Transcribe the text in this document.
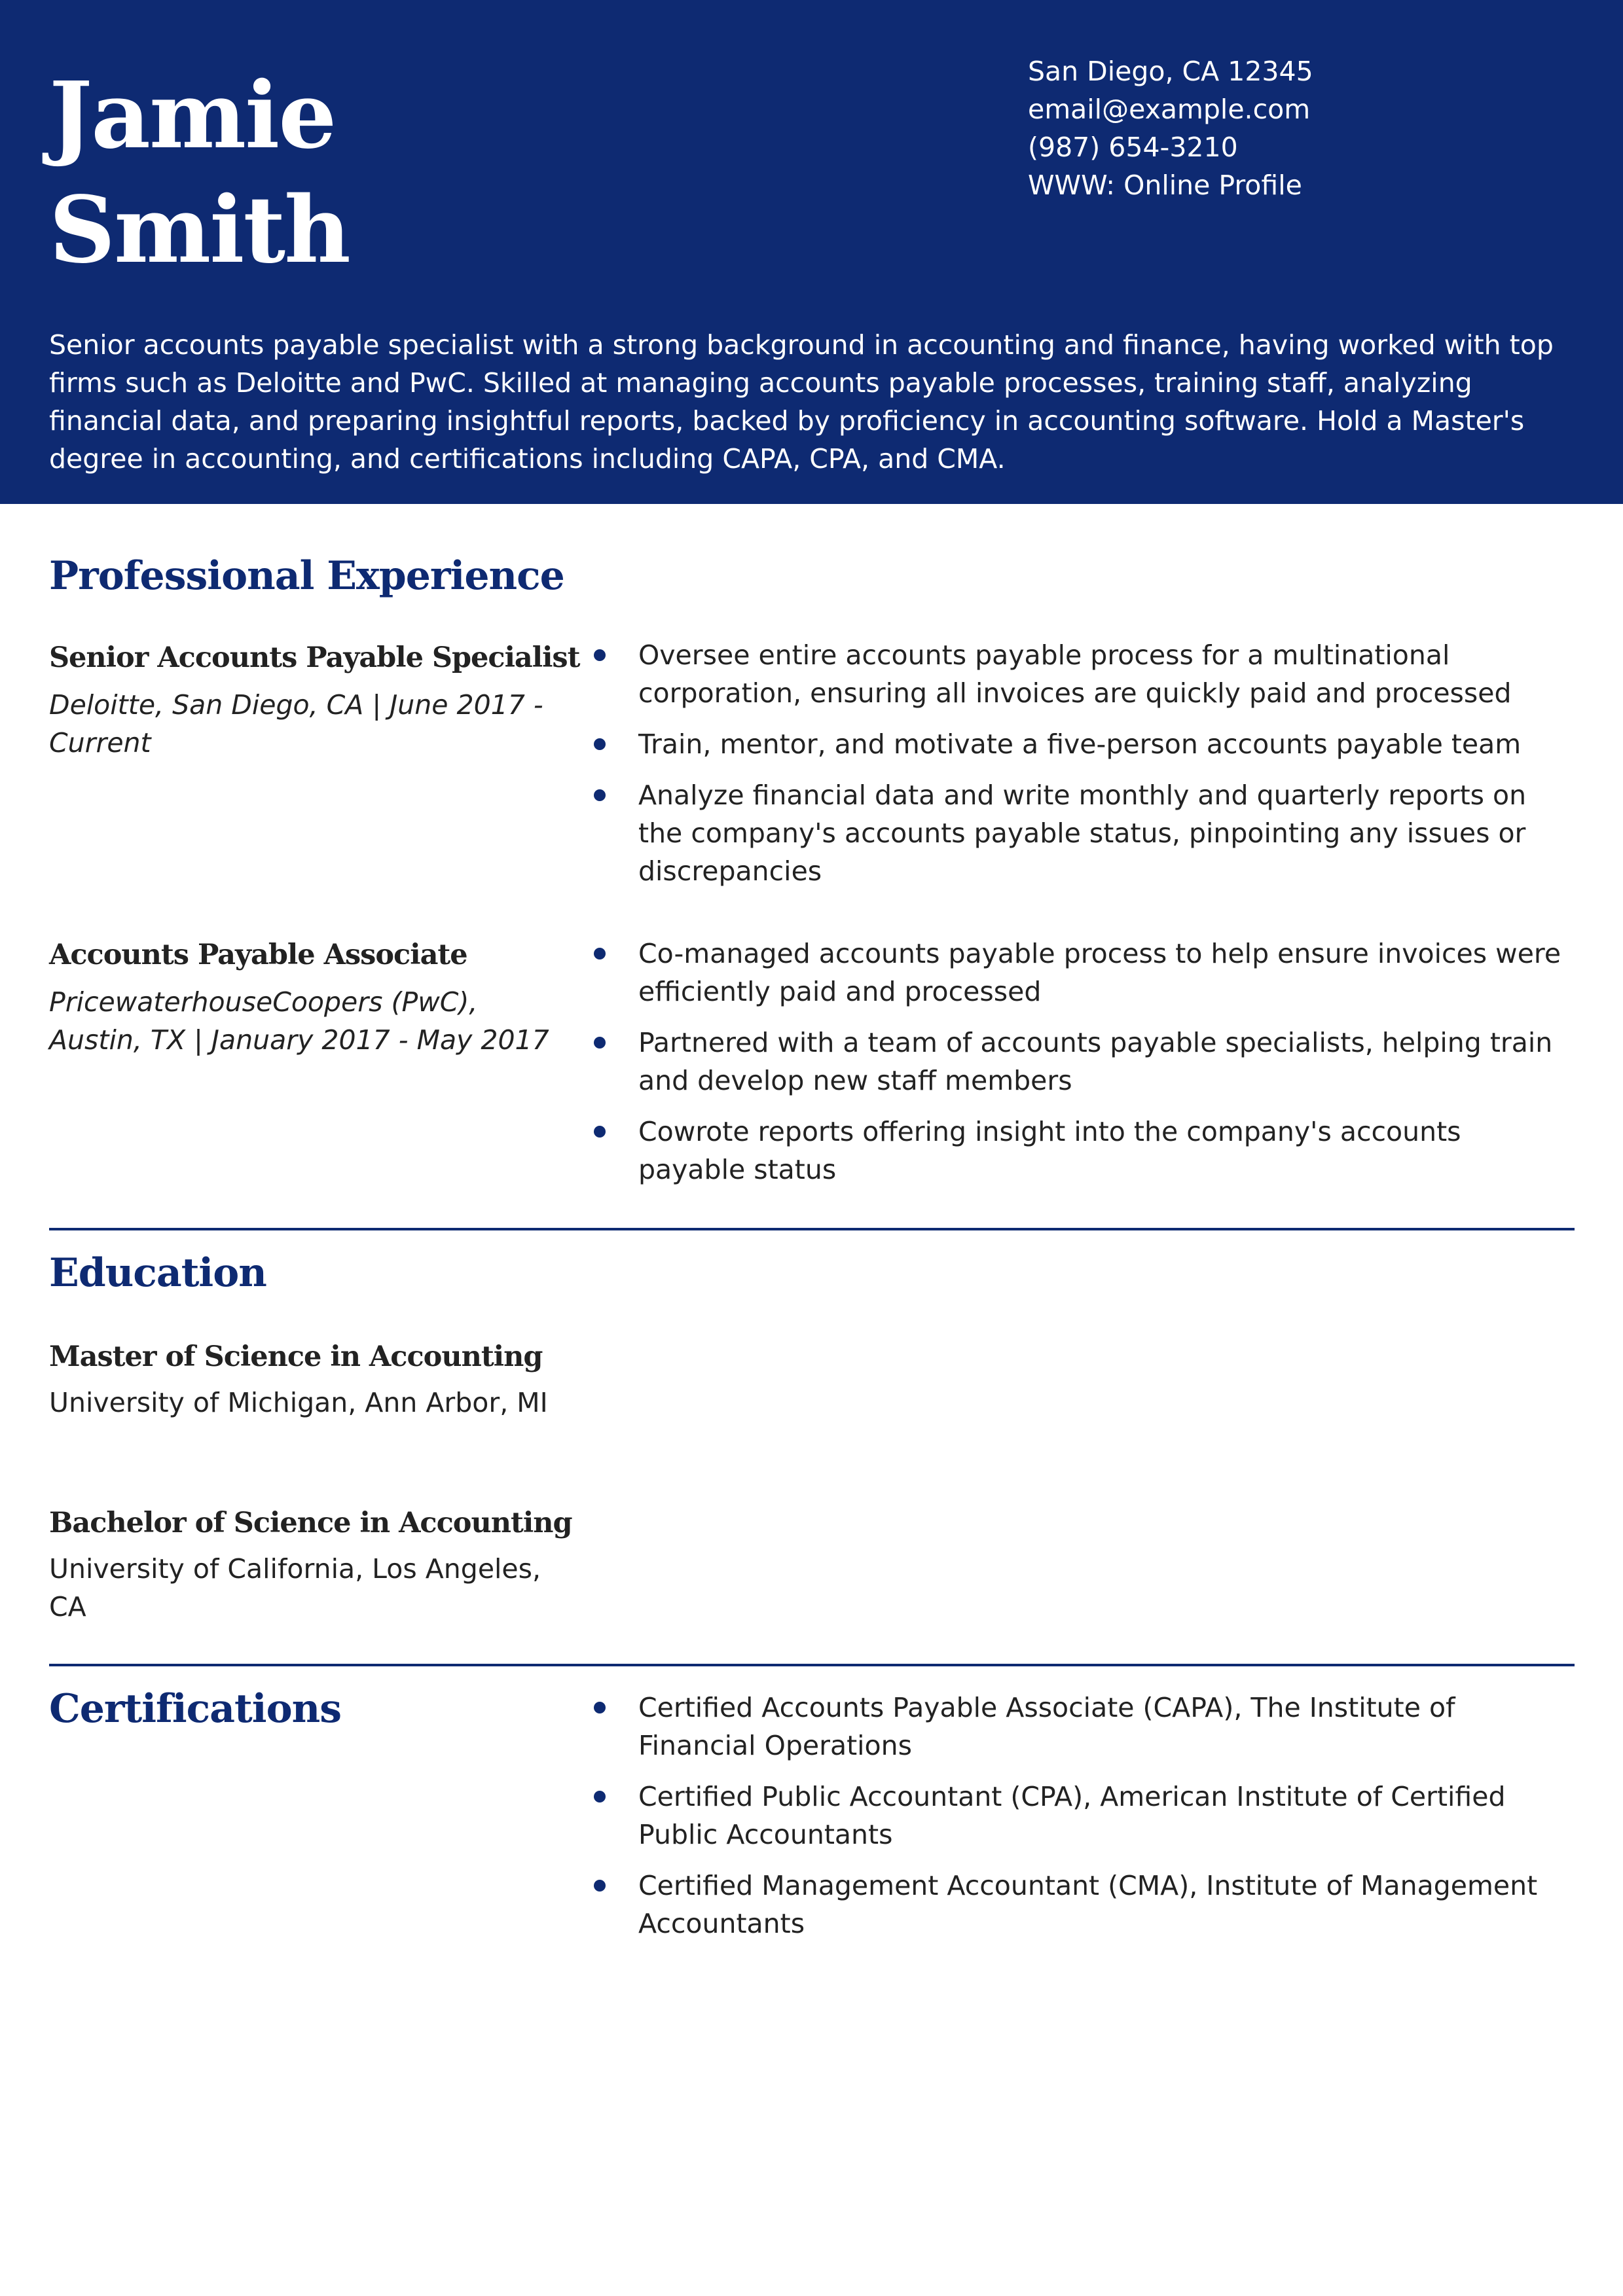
Jamie
Smith
San Diego, CA 12345
email@example.com
(987) 654-3210
WWW: Online Profile

Senior accounts payable specialist with a strong background in accounting and finance, having worked with top firms such as Deloitte and PwC. Skilled at managing accounts payable processes, training staff, analyzing financial data, and preparing insightful reports, backed by proficiency in accounting software. Hold a Master's degree in accounting, and certifications including CAPA, CPA, and CMA.

Professional Experience
Senior Accounts Payable Specialist

Deloitte, San Diego, CA | June 2017 - Current

Oversee entire accounts payable process for a multinational corporation, ensuring all invoices are quickly paid and processed
Train, mentor, and motivate a five-person accounts payable team
Analyze financial data and write monthly and quarterly reports on the company's accounts payable status, pinpointing any issues or discrepancies
Accounts Payable Associate

PricewaterhouseCoopers (PwC), Austin, TX | January 2017 - May 2017

Co-managed accounts payable process to help ensure invoices were efficiently paid and processed
Partnered with a team of accounts payable specialists, helping train and develop new staff members
Cowrote reports offering insight into the company's accounts payable status
Education
Master of Science in Accounting

University of Michigan, Ann Arbor, MI

Bachelor of Science in Accounting

University of California, Los Angeles, CA

Certifications	Certified Accounts Payable Associate (CAPA), The Institute of Financial Operations
Certified Public Accountant (CPA), American Institute of Certified Public Accountants
Certified Management Accountant (CMA), Institute of Management Accountants
